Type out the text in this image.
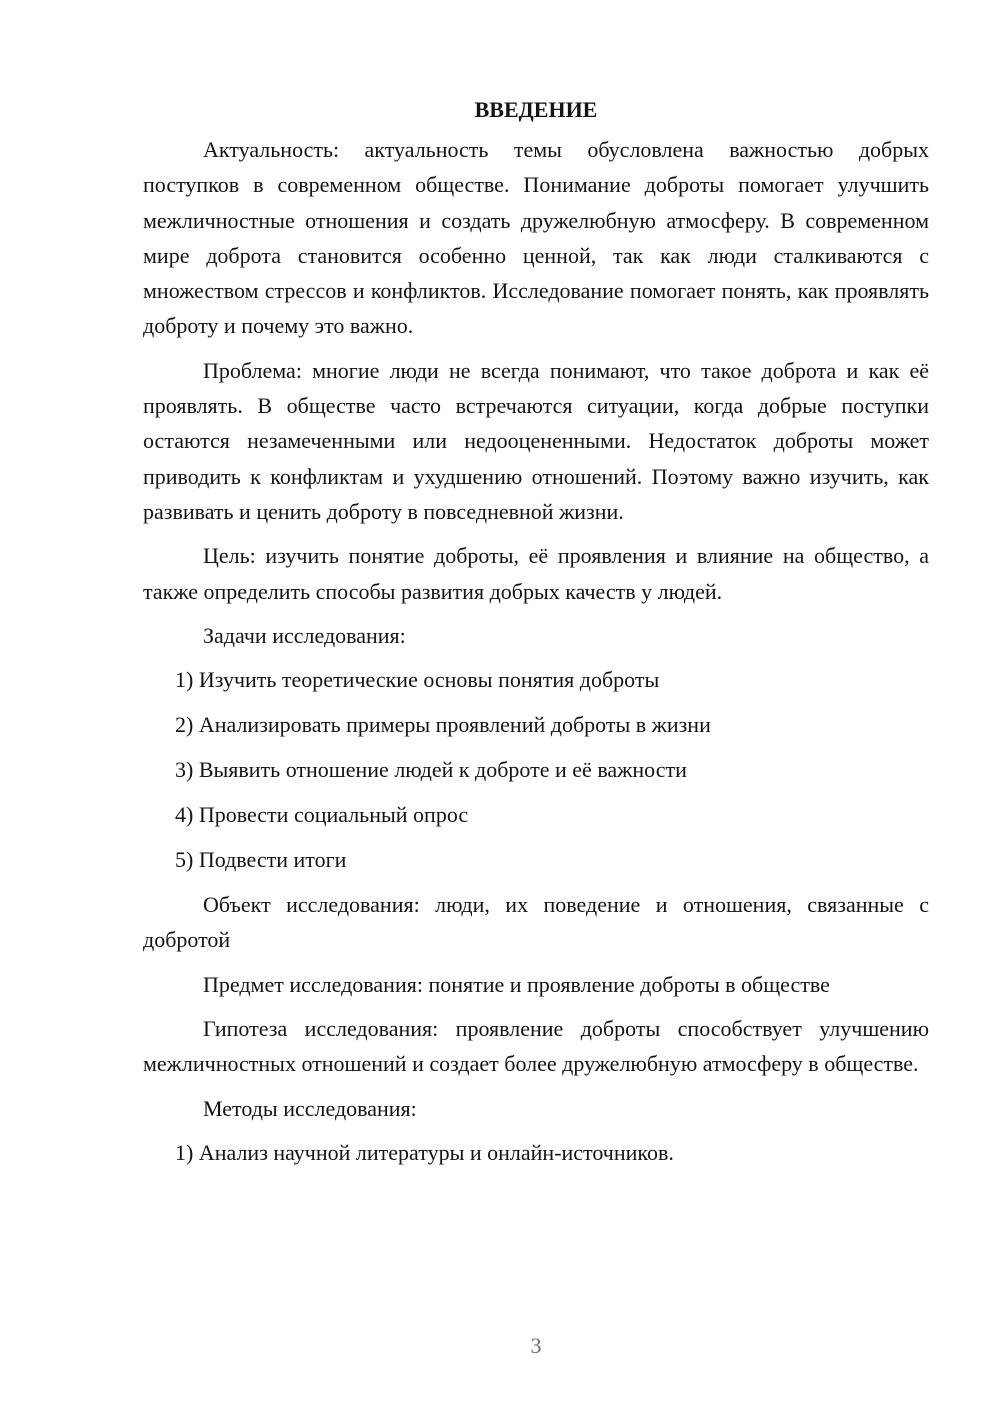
ВВЕДЕНИЕ

Актуальность: актуальность темы обусловлена важностью добрых поступков в современном обществе. Понимание доброты помогает улучшить межличностные отношения и создать дружелюбную атмосферу. В современном мире доброта становится особенно ценной, так как люди сталкиваются с множеством стрессов и конфликтов. Исследование помогает понять, как проявлять доброту и почему это важно.

Проблема: многие люди не всегда понимают, что такое доброта и как её проявлять. В обществе часто встречаются ситуации, когда добрые поступки остаются незамеченными или недооцененными. Недостаток доброты может приводить к конфликтам и ухудшению отношений. Поэтому важно изучить, как развивать и ценить доброту в повседневной жизни.

Цель: изучить понятие доброты, её проявления и влияние на общество, а также определить способы развития добрых качеств у людей.

Задачи исследования:

1) Изучить теоретические основы понятия доброты
2) Анализировать примеры проявлений доброты в жизни
3) Выявить отношение людей к доброте и её важности
4) Провести социальный опрос
5) Подвести итоги

Объект исследования: люди, их поведение и отношения, связанные с добротой

Предмет исследования: понятие и проявление доброты в обществе

Гипотеза исследования: проявление доброты способствует улучшению межличностных отношений и создает более дружелюбную атмосферу в обществе.

Методы исследования:

1) Анализ научной литературы и онлайн-источников.
3
